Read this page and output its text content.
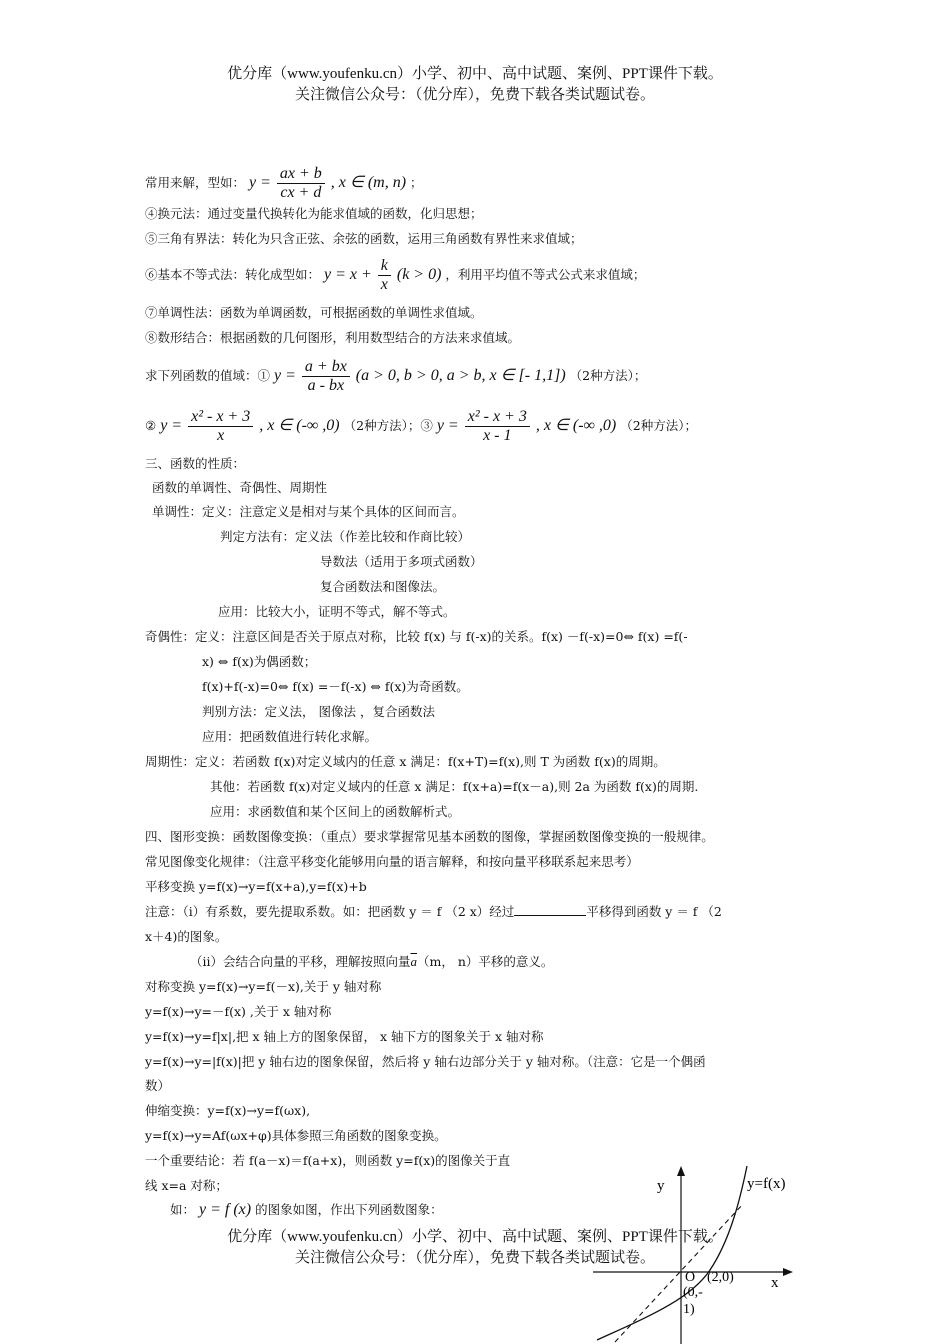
优分库（www.youfenku.cn）小学、初中、高中试题、案例、PPT课件下载。
关注微信公众号：（优分库），免费下载各类试题试卷。
常用来解，型如： $y = \frac{ax + b}{cx + d}$ , x ∈ (m, n) ；
④换元法：通过变量代换转化为能求值域的函数，化归思想；
⑤三角有界法：转化为只含正弦、余弦的函数，运用三角函数有界性来求值域；
⑥基本不等式法：转化成型如： $y = x + \frac{k}{x} (k > 0)$ ，利用平均值不等式公式来求值域；
⑦单调性法：函数为单调函数，可根据函数的单调性求值域。
⑧数形结合：根据函数的几何图形，利用数型结合的方法来求值域。
求下列函数的值域：① $y = \frac{a + bx}{a - bx} (a > 0$, b > 0, a > b, x ∈ [- 1,1]) （2种方法）；
② $y = \frac{\text{x² - x + 3}}{x}$ , x ∈ (-∞ ,0) （2种方法）；③ $y = \frac{\text{x² - x + 3}}{x - 1}$ , x ∈ (-∞ ,0) （2种方法）；
三、函数的性质：
函数的单调性、奇偶性、周期性
单调性：定义：注意定义是相对与某个具体的区间而言。
判定方法有：定义法（作差比较和作商比较）
导数法（适用于多项式函数）
复合函数法和图像法。
应用：比较大小，证明不等式，解不等式。
奇偶性：定义：注意区间是否关于原点对称，比较 f(x) 与 f(-x)的关系。f(x) －f(-x)=0⇔ f(x) =f(-
x) ⇔ f(x)为偶函数；
f(x)+f(-x)=0⇔ f(x) =－f(-x) ⇔ f(x)为奇函数。
判别方法：定义法， 图像法 ，复合函数法
应用：把函数值进行转化求解。
周期性：定义：若函数 f(x)对定义域内的任意 x 满足：f(x+T)=f(x),则 T 为函数 f(x)的周期。
其他：若函数 f(x)对定义域内的任意 x 满足：f(x+a)=f(x－a),则 2a 为函数 f(x)的周期.
应用：求函数值和某个区间上的函数解析式。
四、图形变换：函数图像变换：（重点）要求掌握常见基本函数的图像，掌握函数图像变换的一般规律。
常见图像变化规律：（注意平移变化能够用向量的语言解释，和按向量平移联系起来思考）
平移变换 y=f(x)→y=f(x+a),y=f(x)+b
注意：（ⅰ）有系数，要先提取系数。如：把函数 y ＝ f （2 x）经过	平移得到函数 y ＝ f （2
x＋4)的图象。
（ⅱ）会结合向量的平移，理解按照向量$\overline{a}(m$， n）平移的意义。
对称变换 y=f(x)→y=f(－x),关于 y 轴对称
y=f(x)→y=－f(x) ,关于 x 轴对称
y=f(x)→y=f|x|,把 x 轴上方的图象保留， x 轴下方的图象关于 x 轴对称
y=f(x)→y=|f(x)|把 y 轴右边的图象保留，然后将 y 轴右边部分关于 y 轴对称。（注意：它是一个偶函
数）
伸缩变换：y=f(x)→y=f(ωx),
y=f(x)→y=Af(ωx+φ)具体参照三角函数的图象变换。
一个重要结论：若 f(a－x)＝f(a+x)，则函数 y=f(x)的图像关于直
线 x=a 对称；
如： y = f (x) 的图象如图，作出下列函数图象：
y	y=f(x)
O (2,0) x
(0,-
1)
优分库（www.youfenku.cn）小学、初中、高中试题、案例、PPT课件下载。
关注微信公众号：（优分库），免费下载各类试题试卷。
